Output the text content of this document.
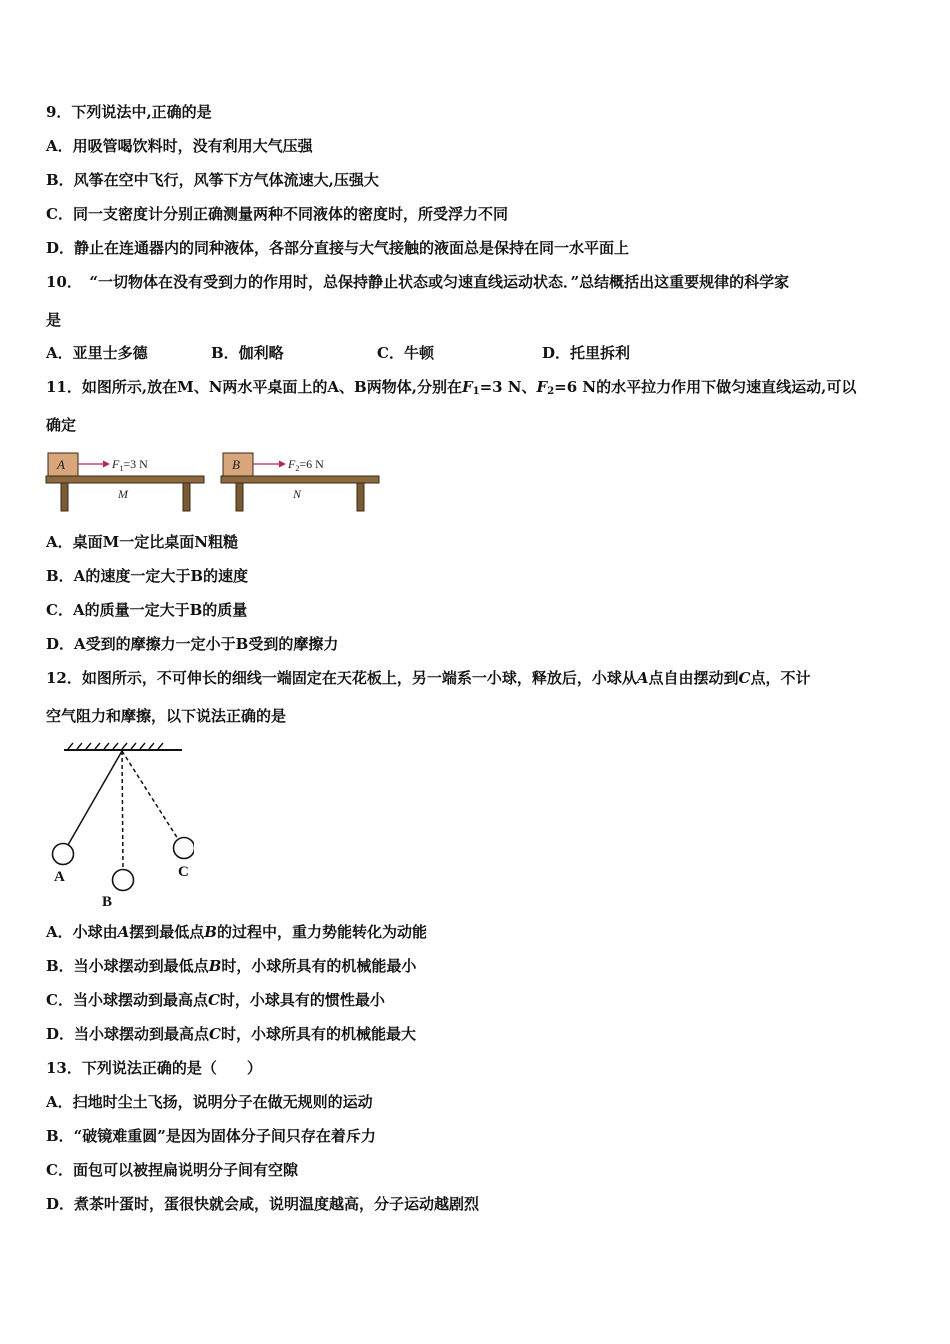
9．下列说法中,正确的是
A．用吸管喝饮料时，没有利用大气压强
B．风筝在空中飞行，风筝下方气体流速大,压强大
C．同一支密度计分别正确测量两种不同液体的密度时，所受浮力不同
D．静止在连通器内的同种液体，各部分直接与大气接触的液面总是保持在同一水平面上
10．　“一切物体在没有受到力的作用时，总保持静止状态或匀速直线运动状态．”总结概括出这重要规律的科学家
是
A．亚里士多德	B．伽利略	C．牛顿	D．托里拆利
11．如图所示,放在M、N两水平桌面上的A、B两物体,分别在$F_1=3$ N、$F_2=6$ N的水平拉力作用下做匀速直线运动,可以
确定
A	$F_1=3$ N
M
B	$F_2=6$ N
N
A．桌面M一定比桌面N粗糙
B．A的速度一定大于B的速度
C．A的质量一定大于B的质量
D．A受到的摩擦力一定小于B受到的摩擦力
12．如图所示，不可伸长的细线一端固定在天花板上，另一端系一小球，释放后，小球从A点自由摆动到C点，不计
空气阻力和摩擦，以下说法正确的是
A
B
C
A．小球由A摆到最低点B的过程中，重力势能转化为动能
B．当小球摆动到最低点B时，小球所具有的机械能最小
C．当小球摆动到最高点C时，小球具有的惯性最小
D．当小球摆动到最高点C时，小球所具有的机械能最大
13．下列说法正确的是（　　）
A．扫地时尘土飞扬，说明分子在做无规则的运动
B．“破镜难重圆”是因为固体分子间只存在着斥力
C．面包可以被捏扁说明分子间有空隙
D．煮茶叶蛋时，蛋很快就会咸，说明温度越高，分子运动越剧烈
